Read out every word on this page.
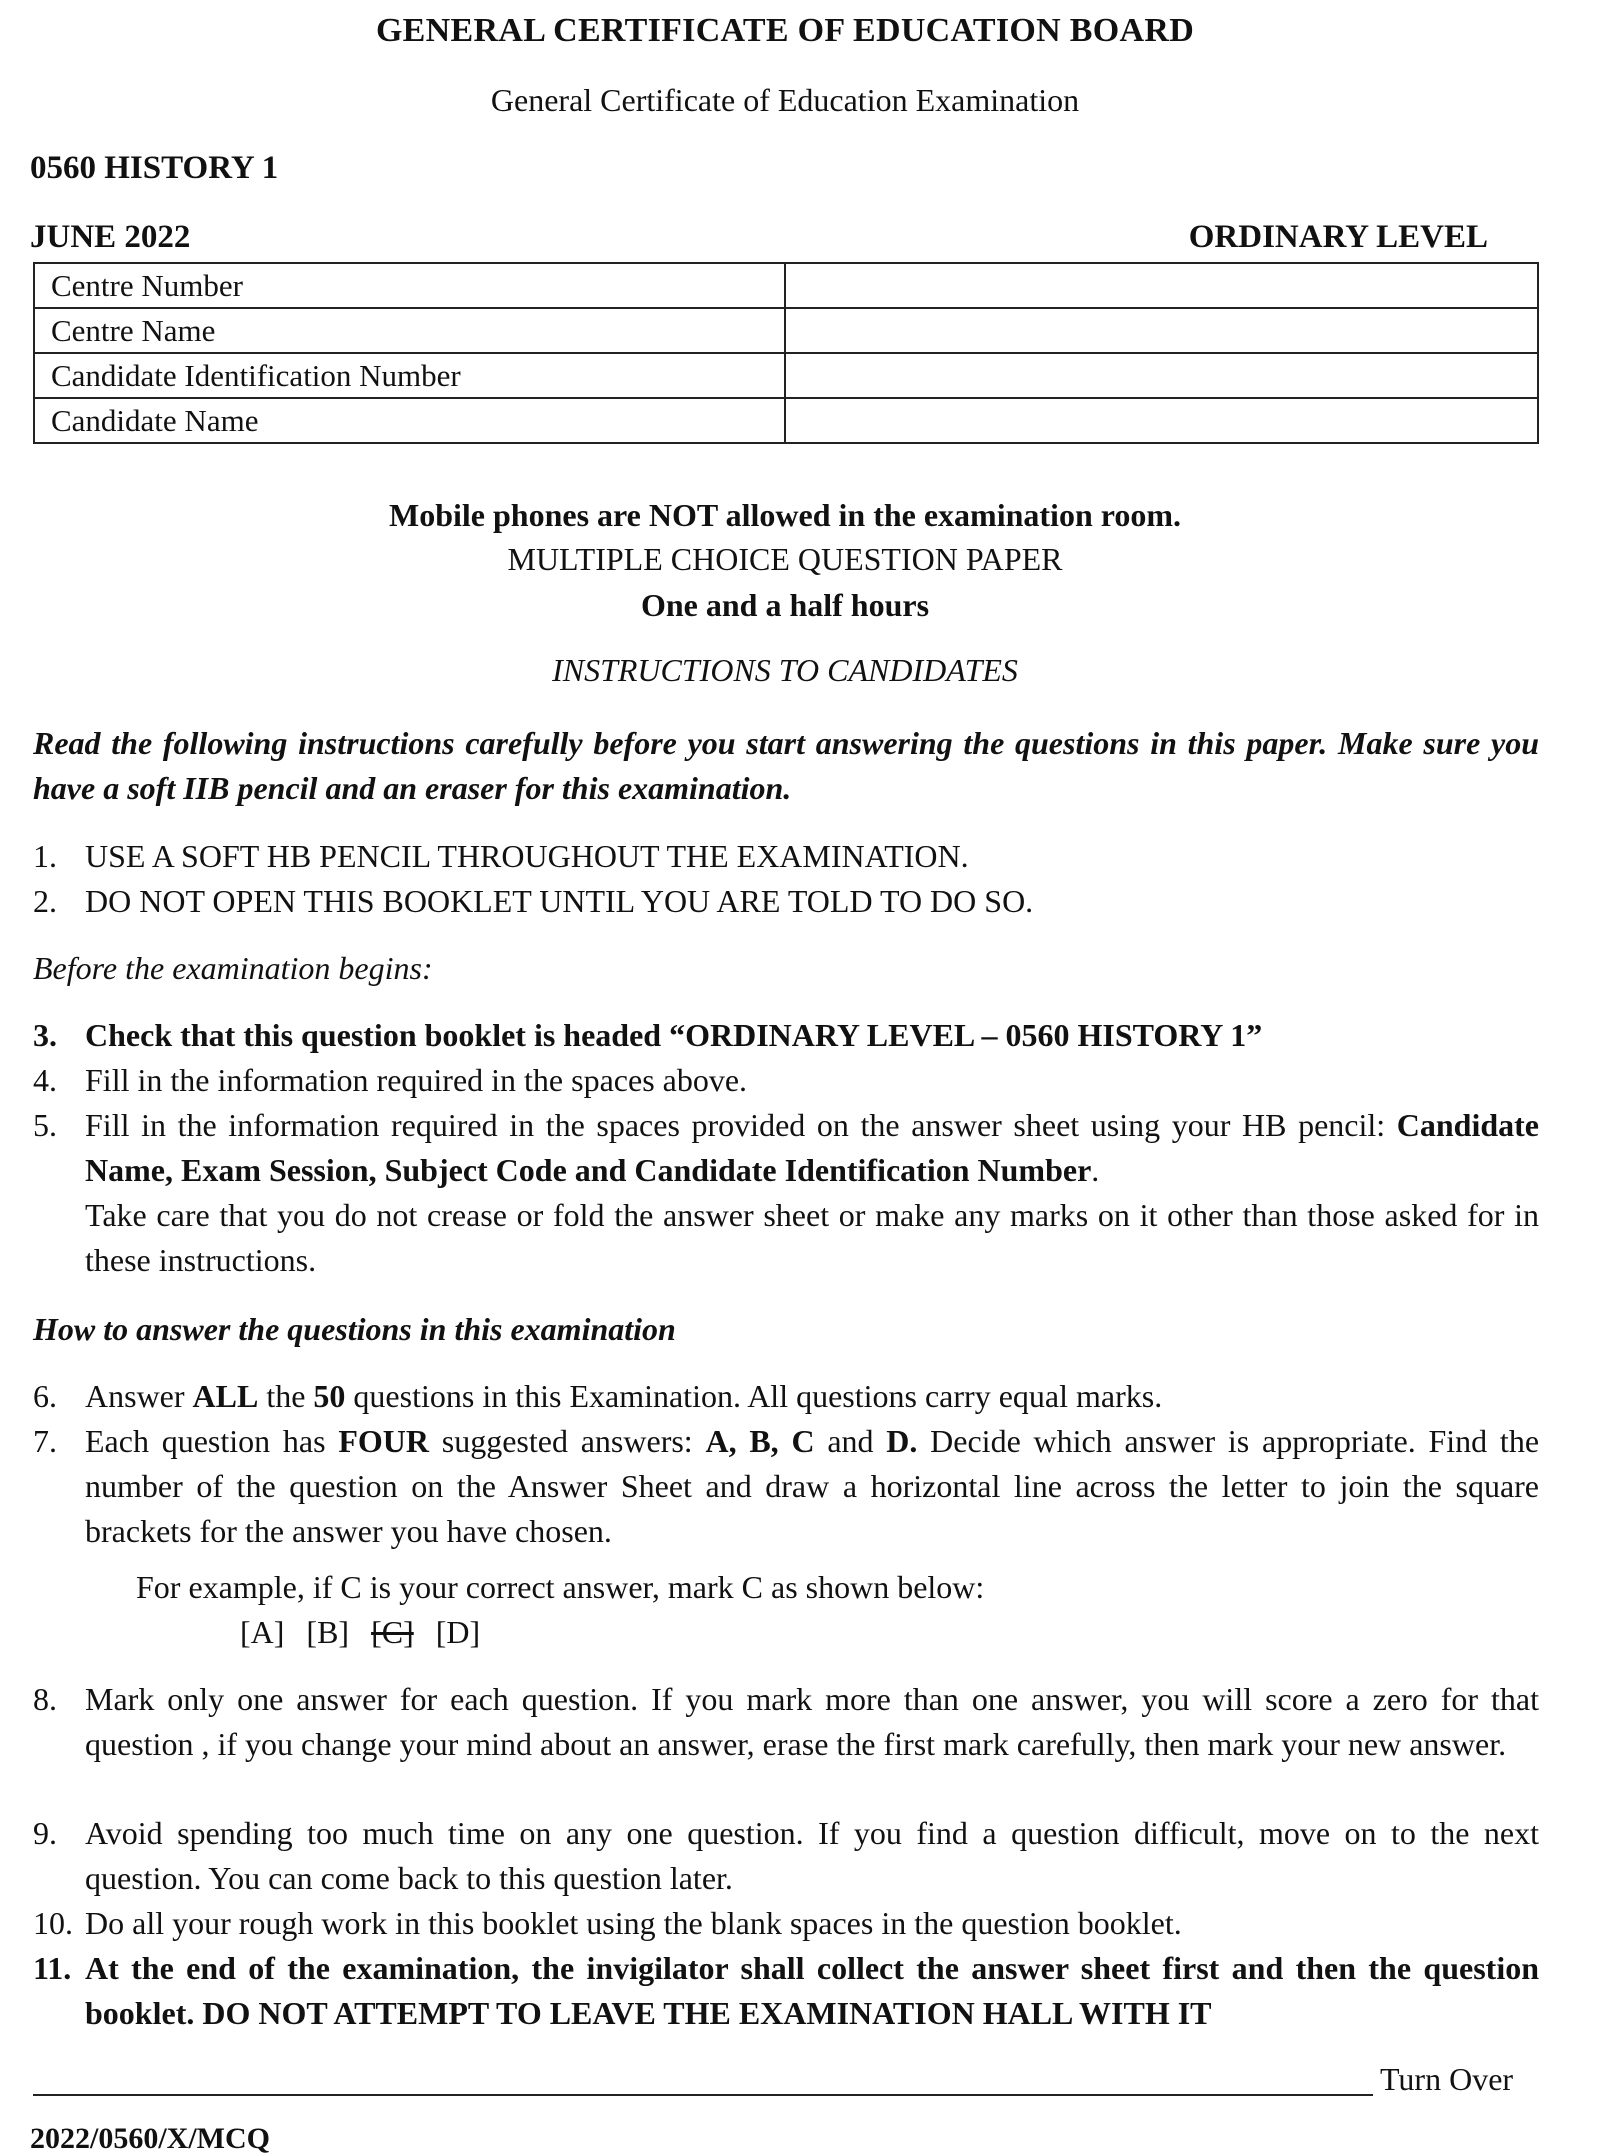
GENERAL CERTIFICATE OF EDUCATION BOARD
General Certificate of Education Examination
0560 HISTORY 1
JUNE 2022	ORDINARY LEVEL
Centre Number	
Centre Name	
Candidate Identification Number	
Candidate Name	
Mobile phones are NOT allowed in the examination room.
MULTIPLE CHOICE QUESTION PAPER
One and a half hours
INSTRUCTIONS TO CANDIDATES
Read the following instructions carefully before you start answering the questions in this paper. Make sure you have a soft IIB pencil and an eraser for this examination.
1. USE A SOFT HB PENCIL THROUGHOUT THE EXAMINATION.
2. DO NOT OPEN THIS BOOKLET UNTIL YOU ARE TOLD TO DO SO.
Before the examination begins:
3. Check that this question booklet is headed “ORDINARY LEVEL – 0560 HISTORY 1”
4. Fill in the information required in the spaces above.
5. Fill in the information required in the spaces provided on the answer sheet using your HB pencil: Candidate Name, Exam Session, Subject Code and Candidate Identification Number.
Take care that you do not crease or fold the answer sheet or make any marks on it other than those asked for in these instructions.
How to answer the questions in this examination
6. Answer ALL the 50 questions in this Examination. All questions carry equal marks.
7. Each question has FOUR suggested answers: A, B, C and D. Decide which answer is appropriate. Find the number of the question on the Answer Sheet and draw a horizontal line across the letter to join the square brackets for the answer you have chosen.
For example, if C is your correct answer, mark C as shown below:
[A] [B] [C] [D]
8. Mark only one answer for each question. If you mark more than one answer, you will score a zero for that question , if you change your mind about an answer, erase the first mark carefully, then mark your new answer.
9. Avoid spending too much time on any one question. If you find a question difficult, move on to the next question. You can come back to this question later.
10. Do all your rough work in this booklet using the blank spaces in the question booklet.
11. At the end of the examination, the invigilator shall collect the answer sheet first and then the question booklet. DO NOT ATTEMPT TO LEAVE THE EXAMINATION HALL WITH IT
Turn Over
2022/0560/X/MCQ
